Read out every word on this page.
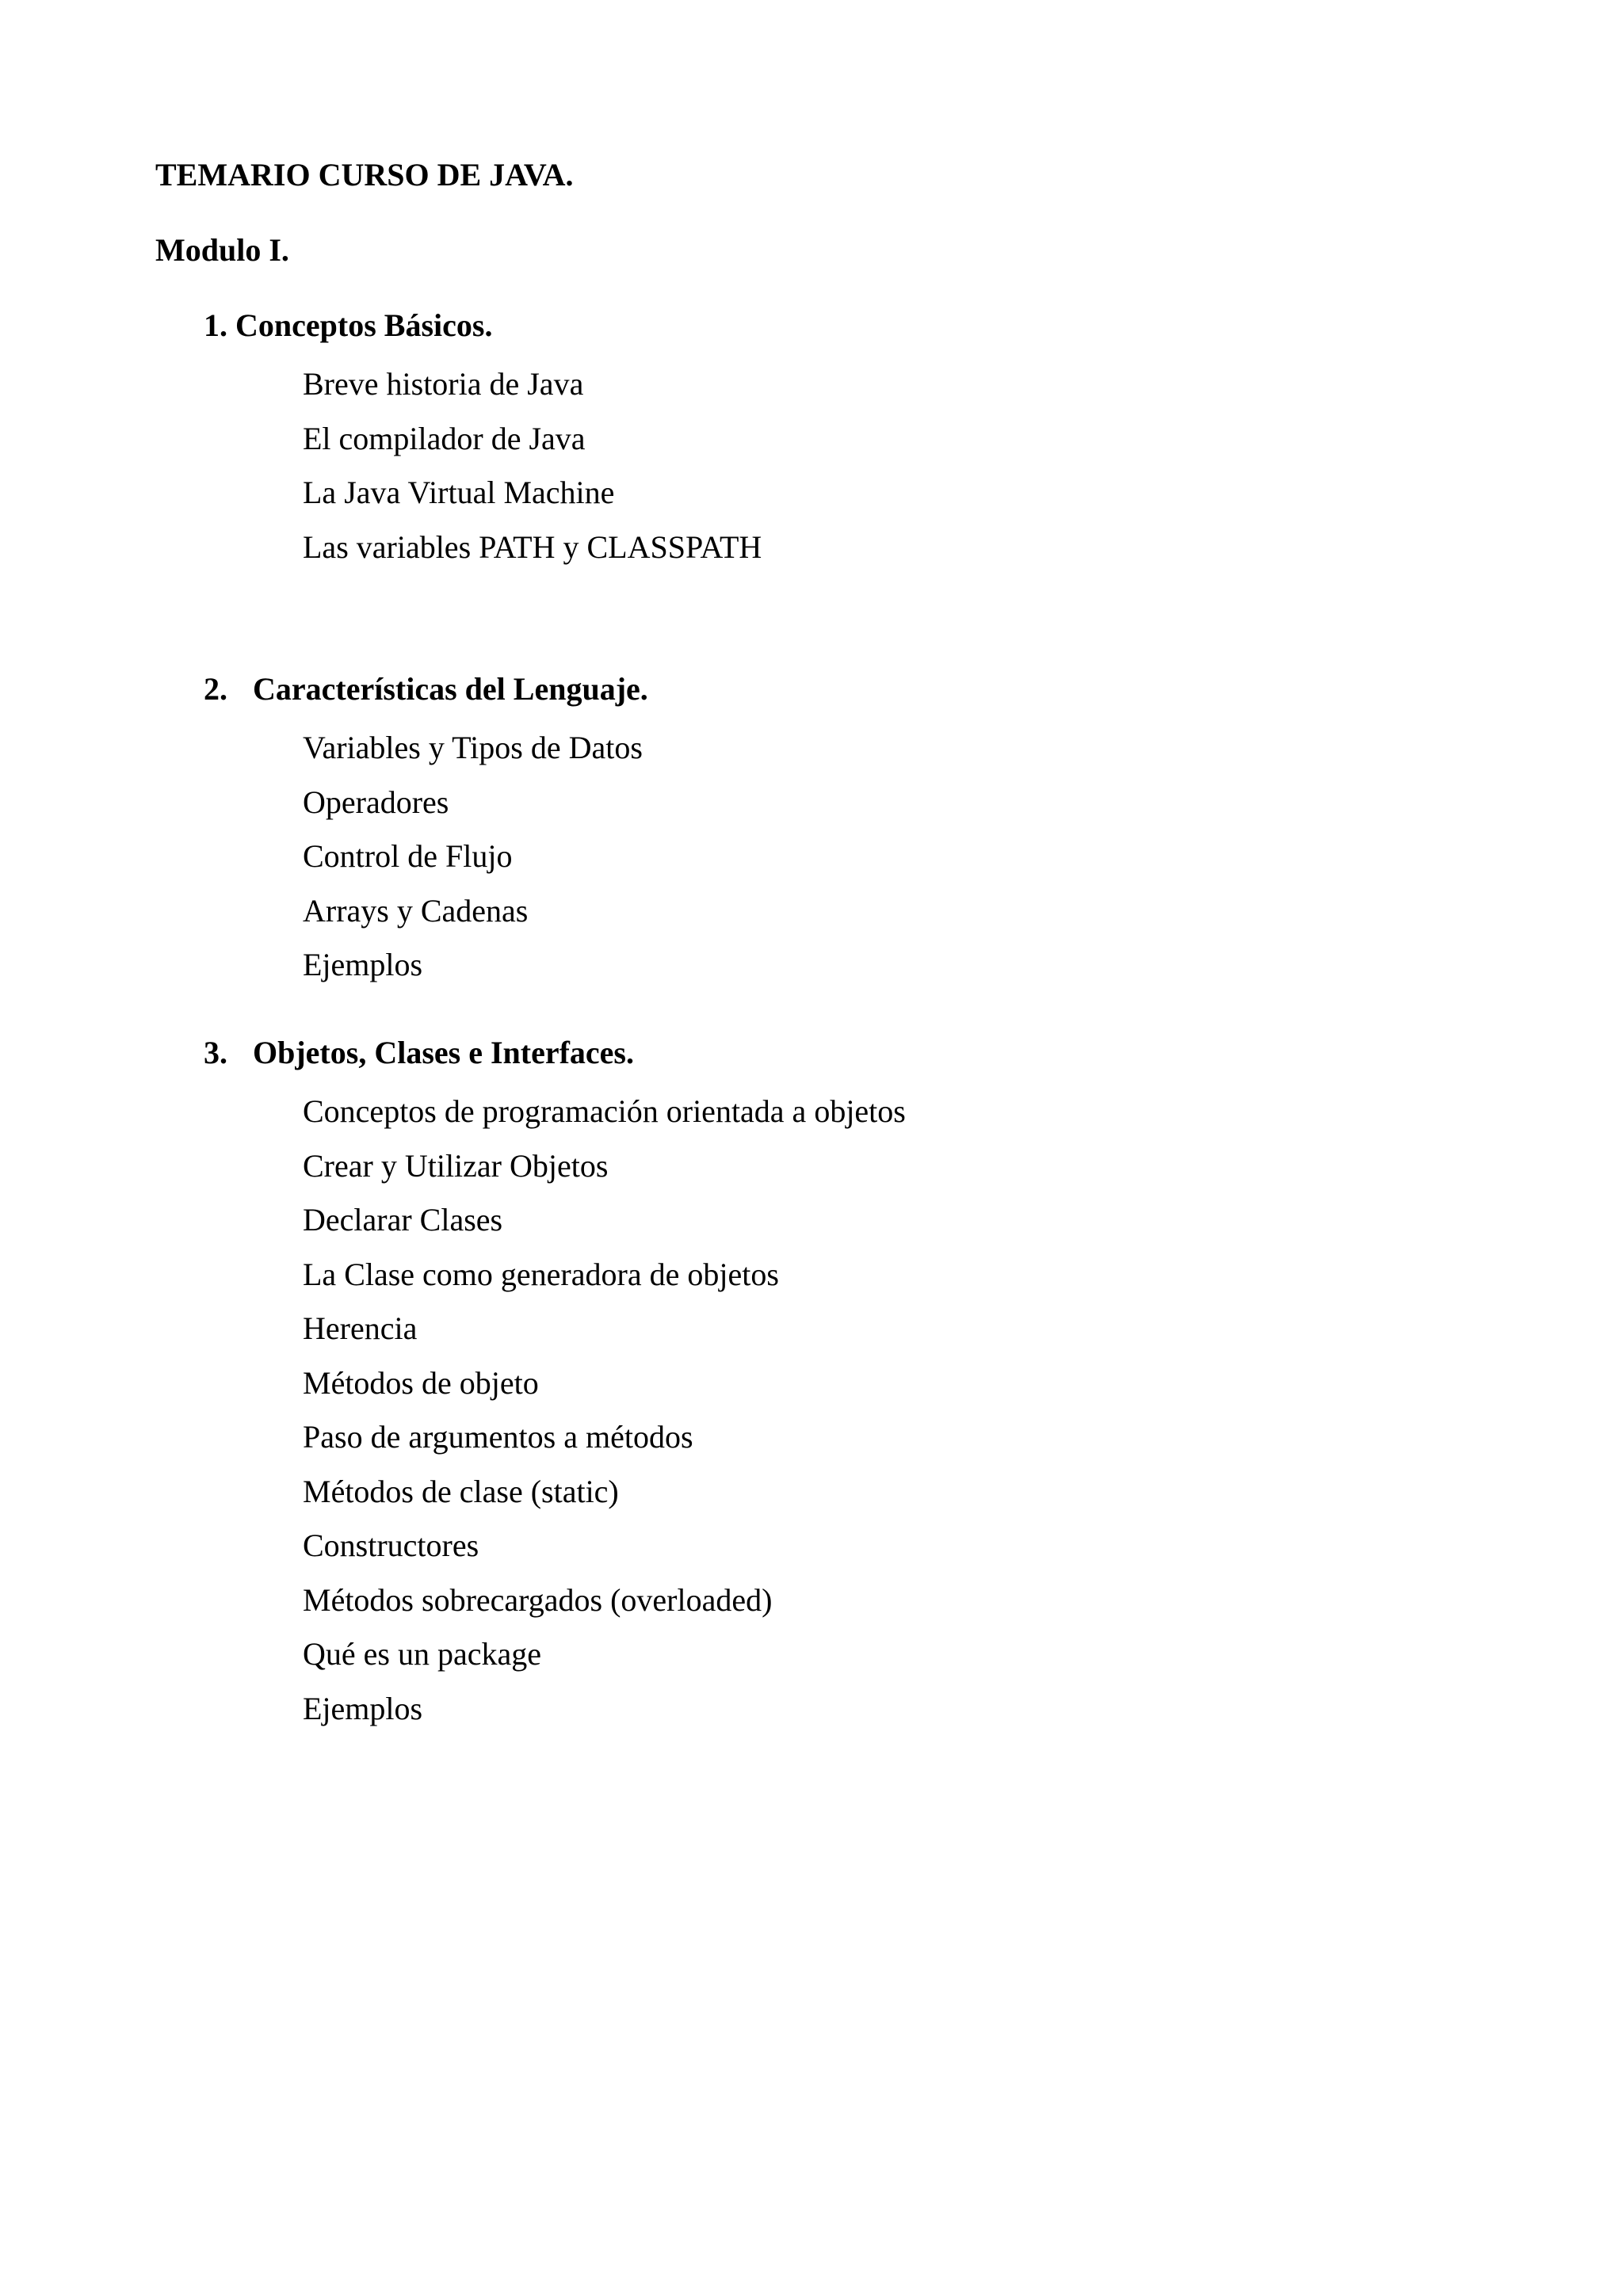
TEMARIO CURSO DE JAVA.
Modulo I.
1. Conceptos Básicos.
Breve historia de Java
El compilador de Java
La Java Virtual Machine
Las variables PATH y CLASSPATH
2. Características del Lenguaje.
Variables y Tipos de Datos
Operadores
Control de Flujo
Arrays y Cadenas
Ejemplos
3. Objetos, Clases e Interfaces.
Conceptos de programación orientada a objetos
Crear y Utilizar Objetos
Declarar Clases
La Clase como generadora de objetos
Herencia
Métodos de objeto
Paso de argumentos a métodos
Métodos de clase (static)
Constructores
Métodos sobrecargados (overloaded)
Qué es un package
Ejemplos
